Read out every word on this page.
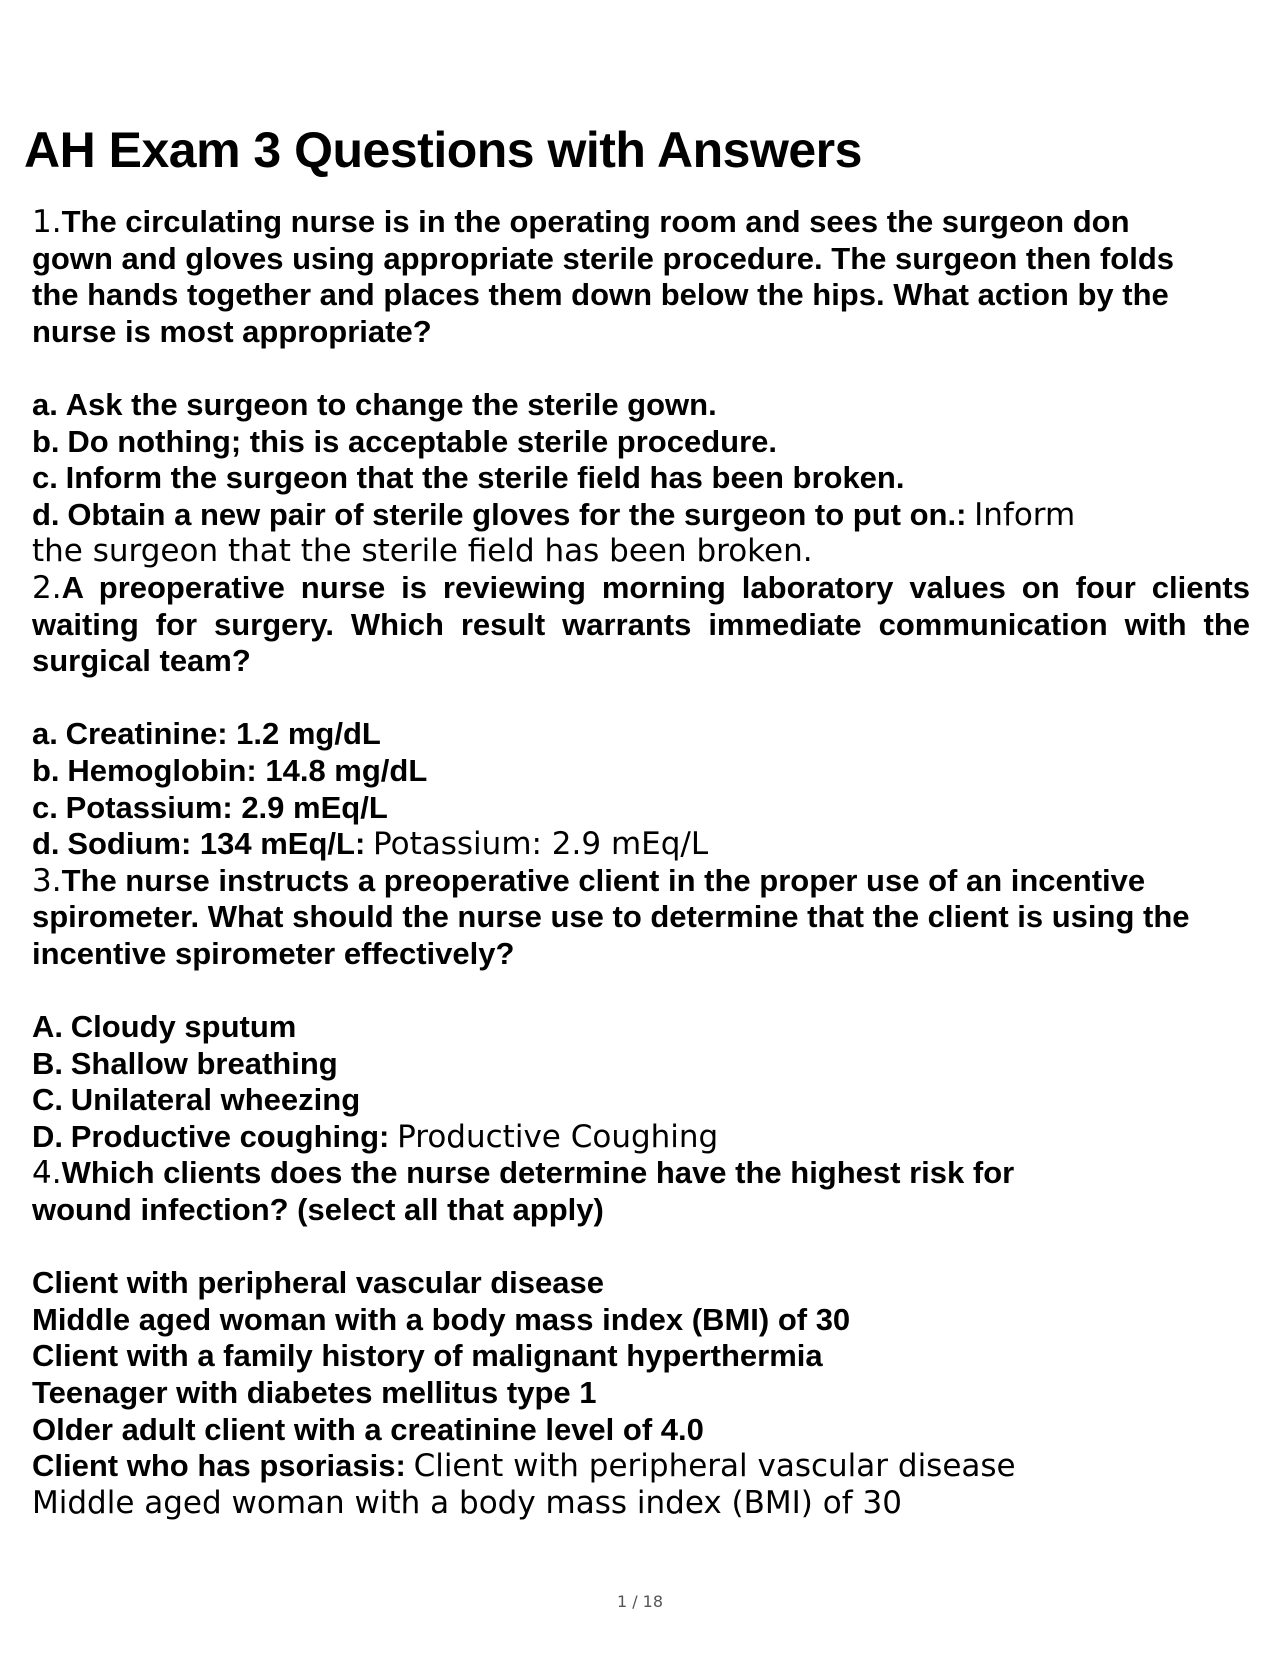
AH Exam 3 Questions with Answers

1.The circulating nurse is in the operating room and sees the surgeon don gown and gloves using appropriate sterile procedure. The surgeon then folds the hands together and places them down below the hips. What action by the nurse is most appropriate?

a. Ask the surgeon to change the sterile gown.

b. Do nothing; this is acceptable sterile procedure.

c. Inform the surgeon that the sterile field has been broken.

d. Obtain a new pair of sterile gloves for the surgeon to put on.: Inform the surgeon that the sterile field has been broken.

2.A preoperative nurse is reviewing morning laboratory values on four clients waiting for surgery. Which result warrants immediate communication with the surgical team?

a. Creatinine: 1.2 mg/dL

b. Hemoglobin: 14.8 mg/dL

c. Potassium: 2.9 mEq/L

d. Sodium: 134 mEq/L: Potassium: 2.9 mEq/L

3.The nurse instructs a preoperative client in the proper use of an incentive spirometer. What should the nurse use to determine that the client is using the incentive spirometer effectively?

A. Cloudy sputum

B. Shallow breathing

C. Unilateral wheezing

D. Productive coughing: Productive Coughing

4.Which clients does the nurse determine have the highest risk for wound infection? (select all that apply)

Client with peripheral vascular disease

Middle aged woman with a body mass index (BMI) of 30

Client with a family history of malignant hyperthermia

Teenager with diabetes mellitus type 1

Older adult client with a creatinine level of 4.0

Client who has psoriasis: Client with peripheral vascular disease Middle aged woman with a body mass index (BMI) of 30

1 / 18
